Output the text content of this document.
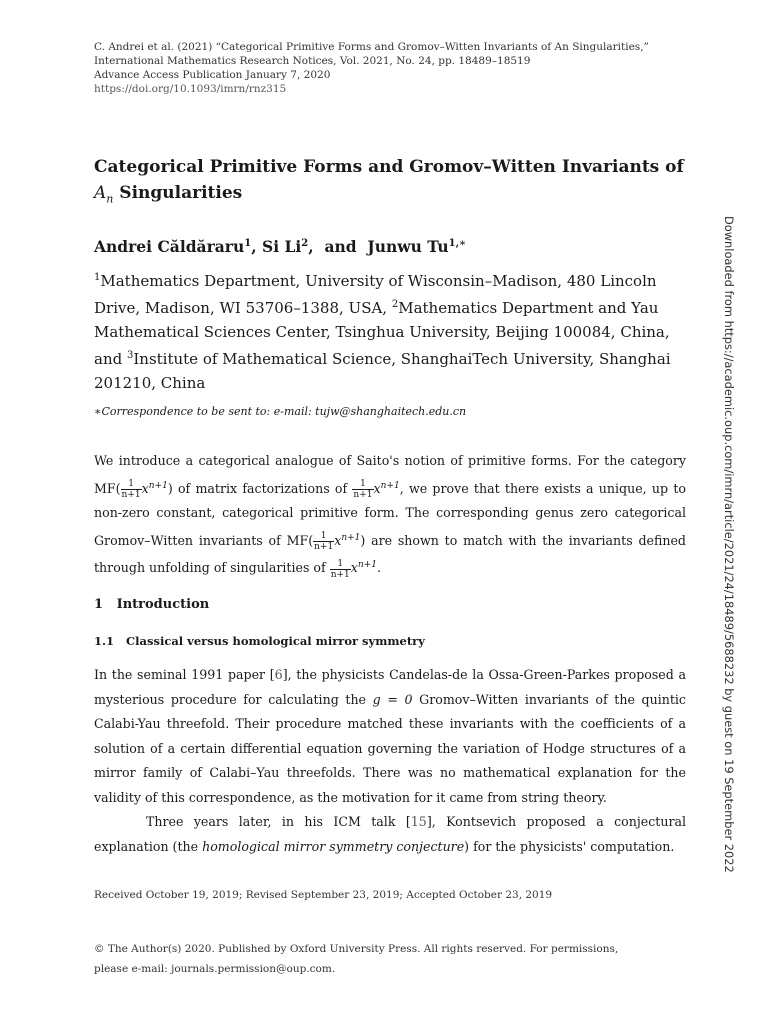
C. Andrei et al. (2021) “Categorical Primitive Forms and Gromov–Witten Invariants of An Singularities,”
International Mathematics Research Notices, Vol. 2021, No. 24, pp. 18489–18519
Advance Access Publication January 7, 2020
https://doi.org/10.1093/imrn/rnz315
Categorical Primitive Forms and Gromov–Witten Invariants of
$A_n$ Singularities
Andrei Căldăraru$^1$, Si Li$^2$,  and Junwu $Tu^{1,∗}$
$^1$Mathematics Department, University of Wisconsin–Madison, 480 Lincoln Drive, Madison, WI 53706–1388, USA, $^2$Mathematics Department and Yau Mathematical Sciences Center, Tsinghua University, Beijing 100084, China, and $^3$Institute of Mathematical Science, ShanghaiTech University, Shanghai 201210, China
∗Correspondence to be sent to: e-mail: tujw@shanghaitech.edu.cn
We introduce a categorical analogue of Saito's notion of primitive forms. For the category $MF( \frac{1}{n+1} x^{n+1})$ of matrix factorizations of $\frac{1}{n+1} x^{n+1}$, we prove that there exists a unique, up to non-zero constant, categorical primitive form. The corresponding genus zero categorical Gromov–Witten invariants of $MF( \frac{1}{n+1} x^{n+1})$ are shown to match with the invariants defined through unfolding of singularities of $\frac{1}{n+1} x^{n+1}$.
1 Introduction
1.1 Classical versus homological mirror symmetry

In the seminal 1991 paper [6], the physicists Candelas-de la Ossa-Green-Parkes proposed a mysterious procedure for calculating the g = 0 Gromov–Witten invariants of the quintic Calabi-Yau threefold. Their procedure matched these invariants with the coefficients of a solution of a certain differential equation governing the variation of Hodge structures of a mirror family of Calabi–Yau threefolds. There was no mathematical explanation for the validity of this correspondence, as the motivation for it came from string theory.

Three years later, in his ICM talk [15], Kontsevich proposed a conjectural explanation (the homological mirror symmetry conjecture) for the physicists' computation.

Received October 19, 2019; Revised September 23, 2019; Accepted October 23, 2019
© The Author(s) 2020. Published by Oxford University Press. All rights reserved. For permissions,
please e-mail: journals.permission@oup.com.
Downloaded from https://academic.oup.com/imrn/article/2021/24/18489/5688232 by guest on 19 September 2022
